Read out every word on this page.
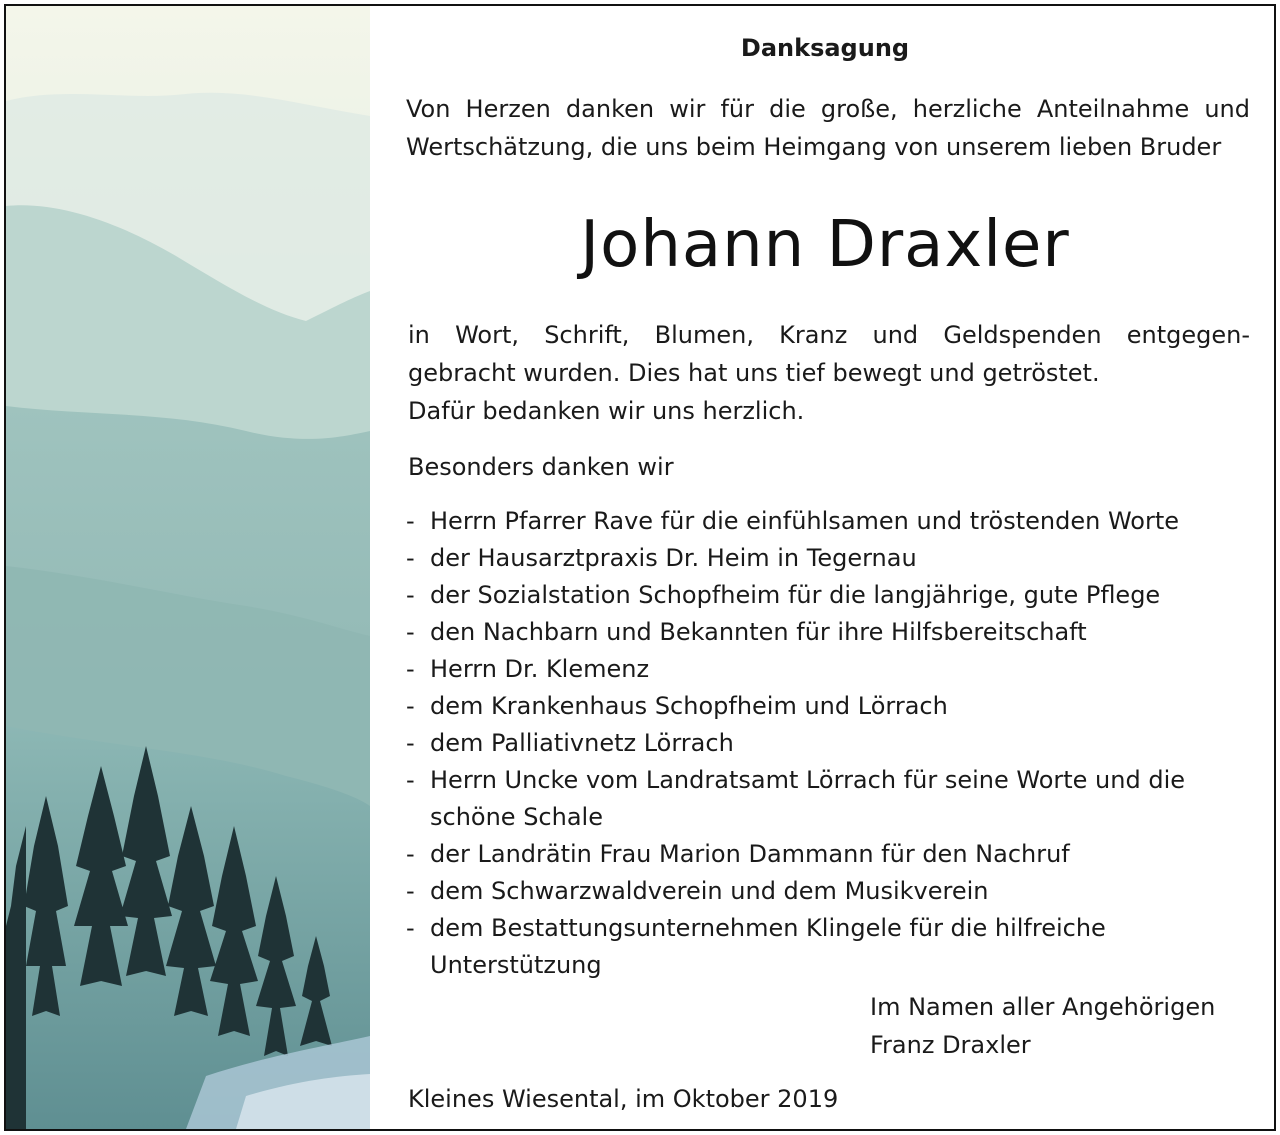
Danksagung
Von Herzen danken wir für die große, herzliche Anteilnahme und Wertschätzung, die uns beim Heimgang von unserem lieben Bruder
Johann Draxler
in Wort, Schrift, Blumen, Kranz und Geldspenden entgegen-
gebracht wurden. Dies hat uns tief bewegt und getröstet.
Dafür bedanken wir uns herzlich.
Besonders danken wir
- Herrn Pfarrer Rave für die einfühlsamen und tröstenden Worte
- der Hausarztpraxis Dr. Heim in Tegernau
- der Sozialstation Schopfheim für die langjährige, gute Pflege
- den Nachbarn und Bekannten für ihre Hilfsbereitschaft
- Herrn Dr. Klemenz
- dem Krankenhaus Schopfheim und Lörrach
- dem Palliativnetz Lörrach
- Herrn Uncke vom Landratsamt Lörrach für seine Worte und die schöne Schale
- der Landrätin Frau Marion Dammann für den Nachruf
- dem Schwarzwaldverein und dem Musikverein
- dem Bestattungsunternehmen Klingele für die hilfreiche Unterstützung
Im Namen aller Angehörigen
Franz Draxler
Kleines Wiesental, im Oktober 2019
